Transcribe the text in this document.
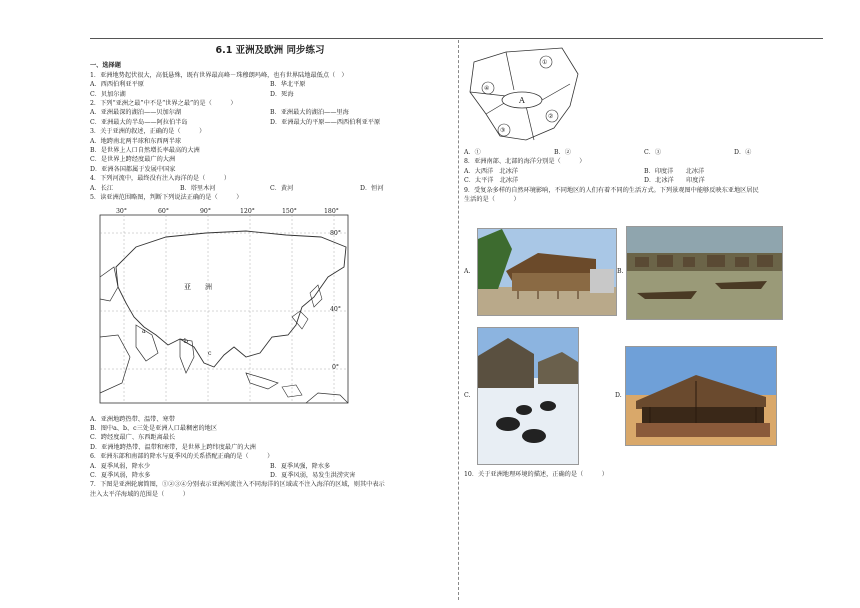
6.1 亚洲及欧洲 同步练习
一、选择题
1．亚洲地势起伏很大，高低悬殊，既有世界最高峰－珠穆朗玛峰，也有世界陆地最低点（　）
A．西西伯利亚平原	B．华北平原
C．贝加尔湖	D．死海
2．下列“亚洲之最”中不是“世界之最”的是（　　　）
A．亚洲最深的湖泊——贝加尔湖	B．亚洲最大的湖泊——里海
C．亚洲最大的半岛——阿拉伯半岛	D．亚洲最大的平原——西西伯利亚平原
3．关于亚洲的叙述，正确的是（　　　）
A．地跨南北两半球和东西两半球
B．是世界上人口自然增长率最高的大洲
C．是世界上跨经度最广的大洲
D．亚洲各国都属于发展中国家
4．下列河流中，最终没有注入海洋的是（　　　）
A．长江	B．塔里木河	C．黄河	D．恒河
5．读亚洲范围略图，判断下列说法正确的是（　　　）
30°	60°	90°	120°	150°	180°
80°
40°
0°
亚　　洲
a
b
c
A．亚洲地跨热带、温带、寒带
B．图中a、b、c三处是亚洲人口最稠密的地区
C．跨经度最广、东西距离最长
D．亚洲地跨热带、温带和寒带，是世界上跨纬度最广的大洲
6．亚洲东部和南部的降水与夏季风的关系搭配正确的是（　　　）
A．夏季风弱，降水少	B．夏季风强，降水多
C．夏季风弱，降水多	D．夏季风弱，易发生洪涝灾害
7．下图是亚洲轮廓简图，①②③④分别表示亚洲河流注入不同海洋的区域或不注入海洋的区域，则其中表示
注入太平洋海域的范围是（　　　）
①
④
A
②
③
A．①	B．②	C．③	D．④
8．亚洲南部、北部的海洋分别是（　　　）
A．大西洋　北冰洋	B．印度洋　　北冰洋
C．太平洋　北冰洋	D．北冰洋　　印度洋
9．受复杂多样的自然环境影响，不同地区的人们有着不同的生活方式。下列景观图中能够反映东亚地区居民
生活的是（　　　）
A.	B.
C.	D.
10．关于亚洲地理环境的描述，正确的是（　　　）
